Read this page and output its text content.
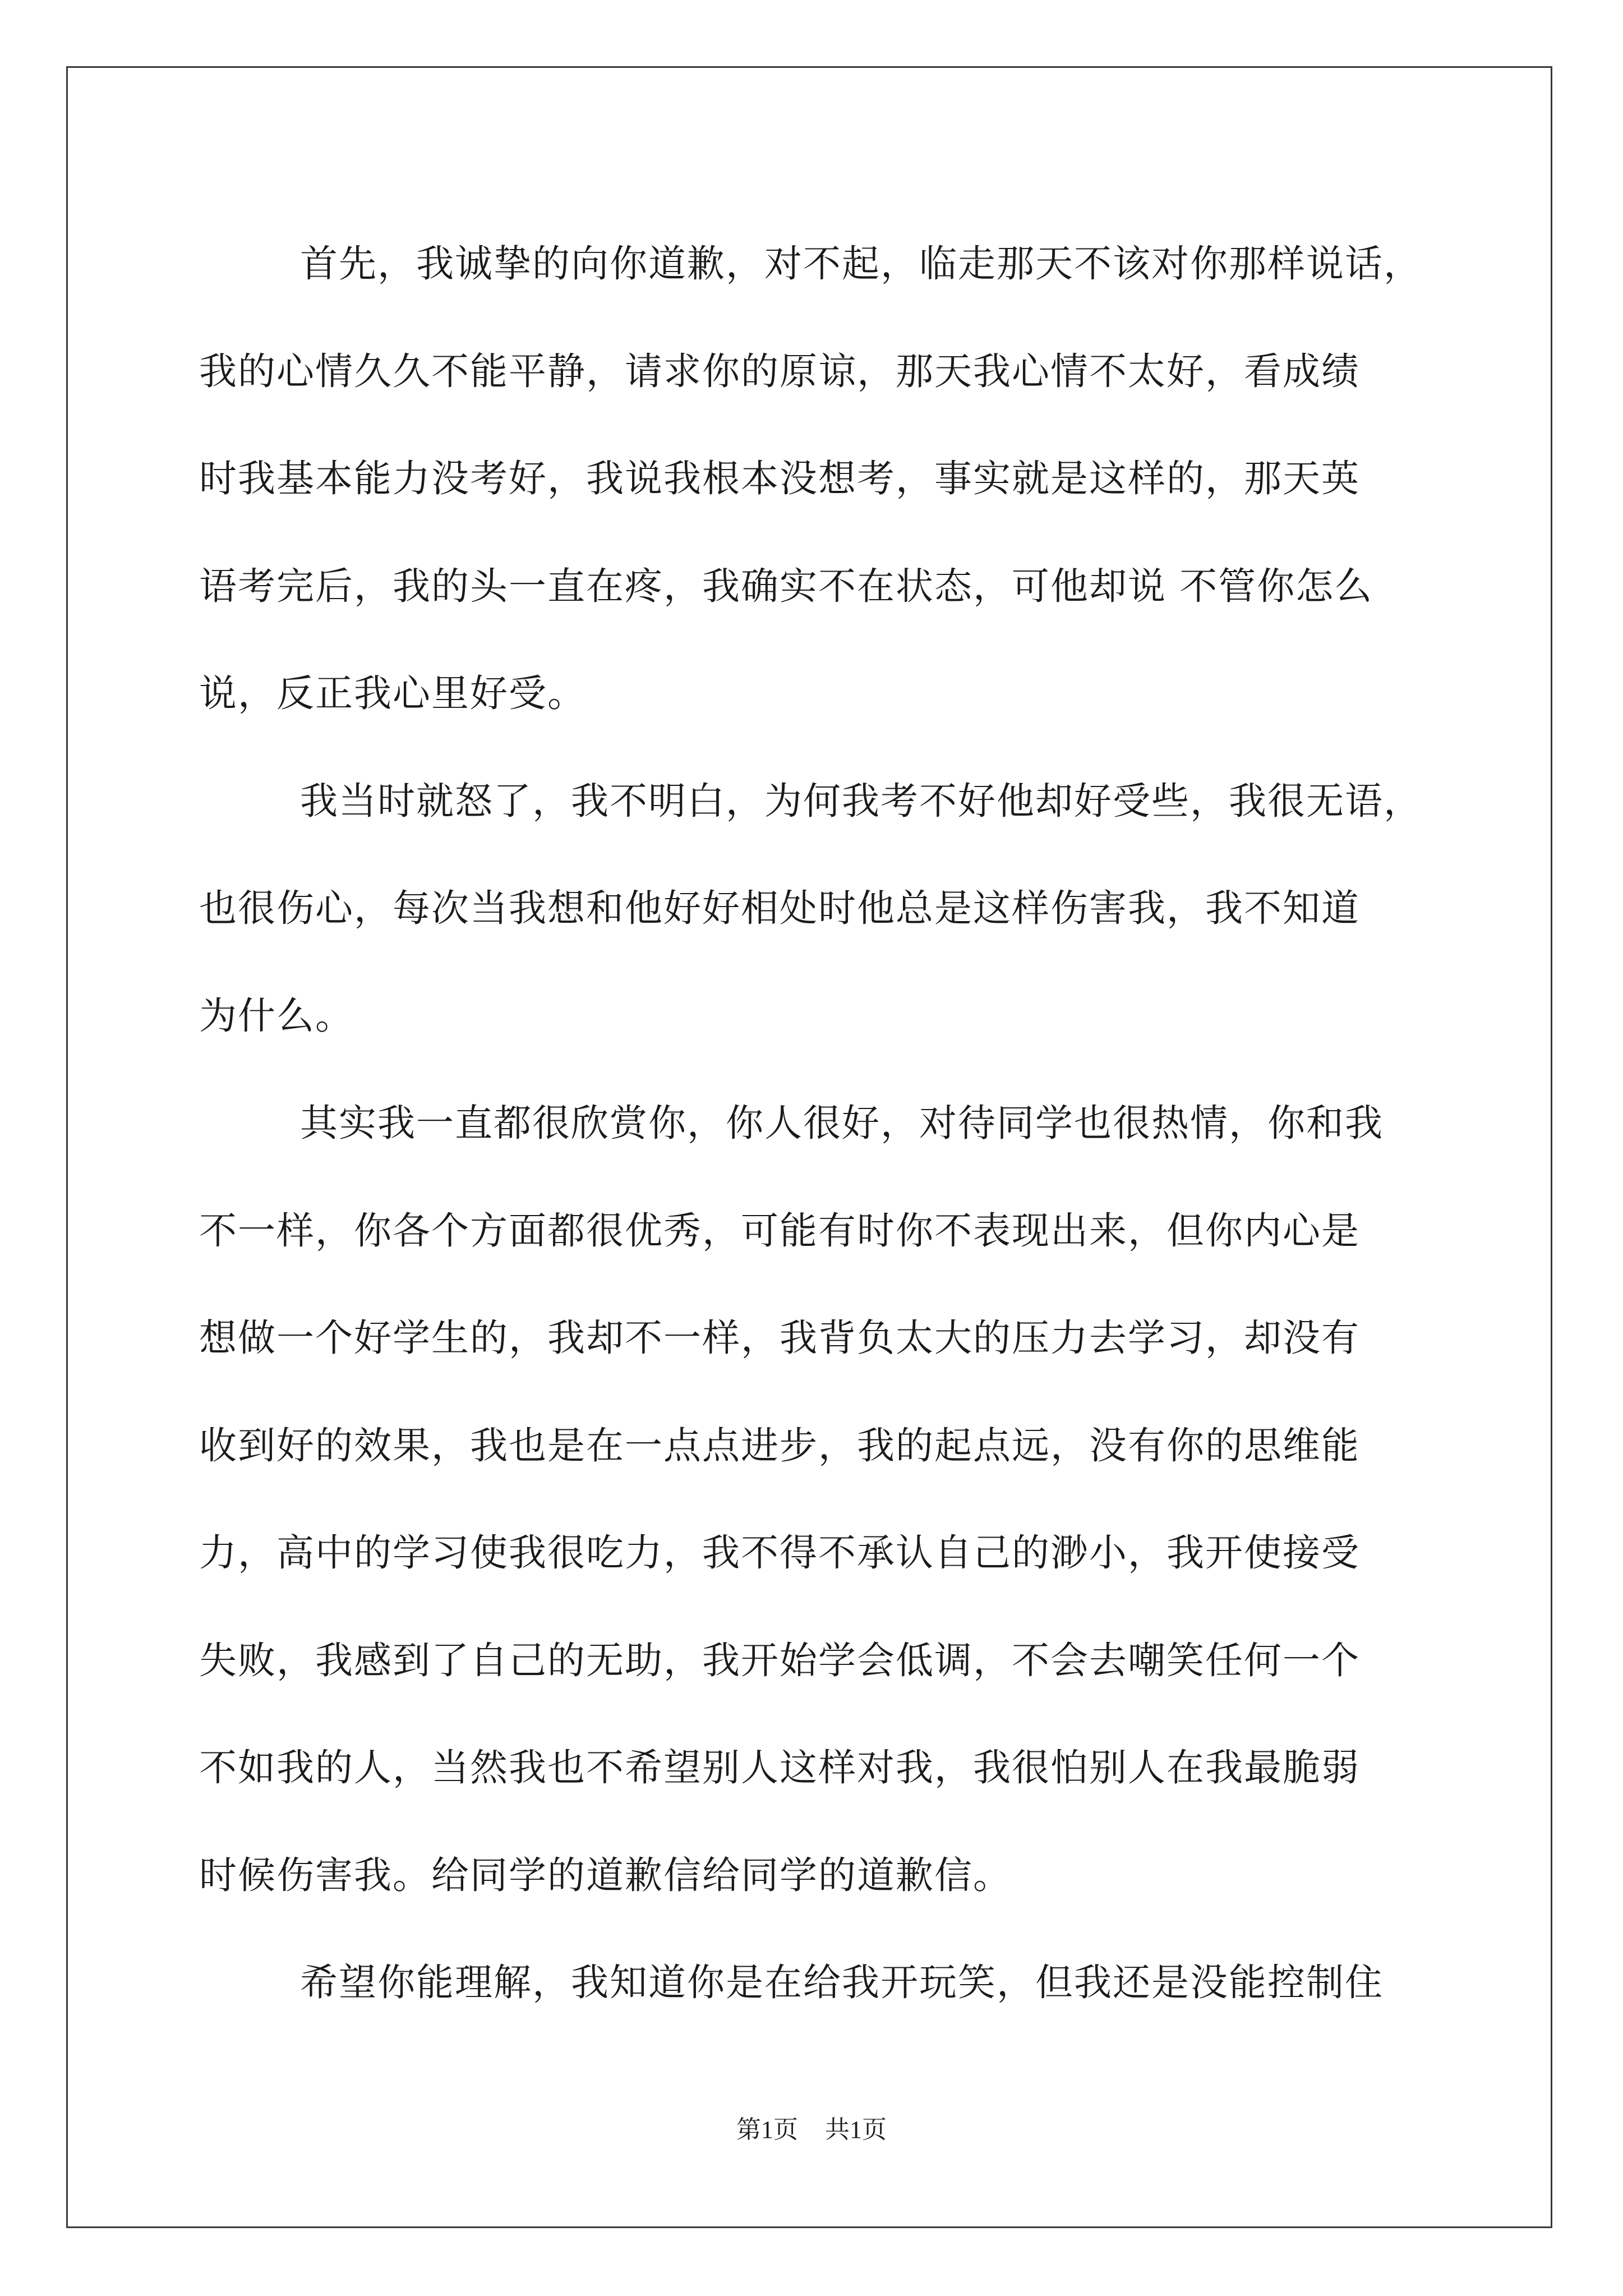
首先，我诚挚的向你道歉，对不起，临走那天不该对你那样说话，
我的心情久久不能平静，请求你的原谅，那天我心情不太好，看成绩
时我基本能力没考好，我说我根本没想考，事实就是这样的，那天英
语考完后，我的头一直在疼，我确实不在状态，可他却说 不管你怎么
说，反正我心里好受。

我当时就怒了，我不明白，为何我考不好他却好受些，我很无语，
也很伤心，每次当我想和他好好相处时他总是这样伤害我，我不知道
为什么。

其实我一直都很欣赏你，你人很好，对待同学也很热情，你和我
不一样，你各个方面都很优秀，可能有时你不表现出来，但你内心是
想做一个好学生的，我却不一样，我背负太大的压力去学习，却没有
收到好的效果，我也是在一点点进步，我的起点远，没有你的思维能
力，高中的学习使我很吃力，我不得不承认自己的渺小，我开使接受
失败，我感到了自己的无助，我开始学会低调，不会去嘲笑任何一个
不如我的人，当然我也不希望别人这样对我，我很怕别人在我最脆弱
时候伤害我。给同学的道歉信给同学的道歉信。

希望你能理解，我知道你是在给我开玩笑，但我还是没能控制住

第1页 共1页
